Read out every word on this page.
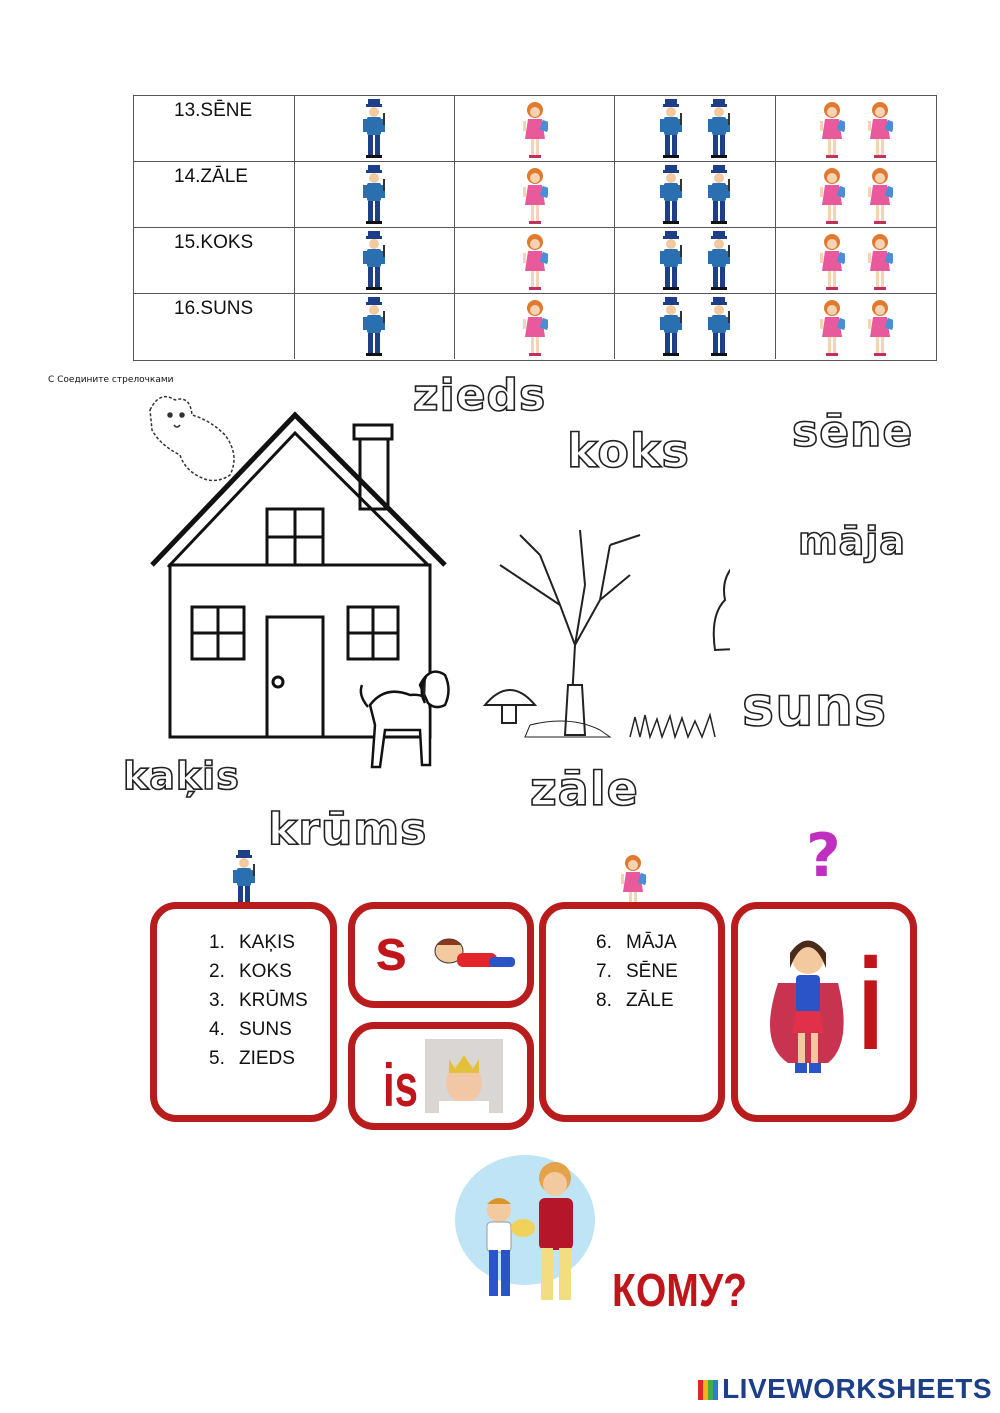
13.SĒNE
14.ZĀLE
15.KOKS
16.SUNS
С Соедините стрелочками	zieds
koks sēne
māja
suns
kaķis	zāle
krūms	?
1. KAĶIS
2. KOKS
3. KRŪMS
4. SUNS
5. ZIEDS
s
is
6. MĀJA
7. SĒNE
8. ZĀLE i
КОМУ?
LIVEWORKSHEETS
